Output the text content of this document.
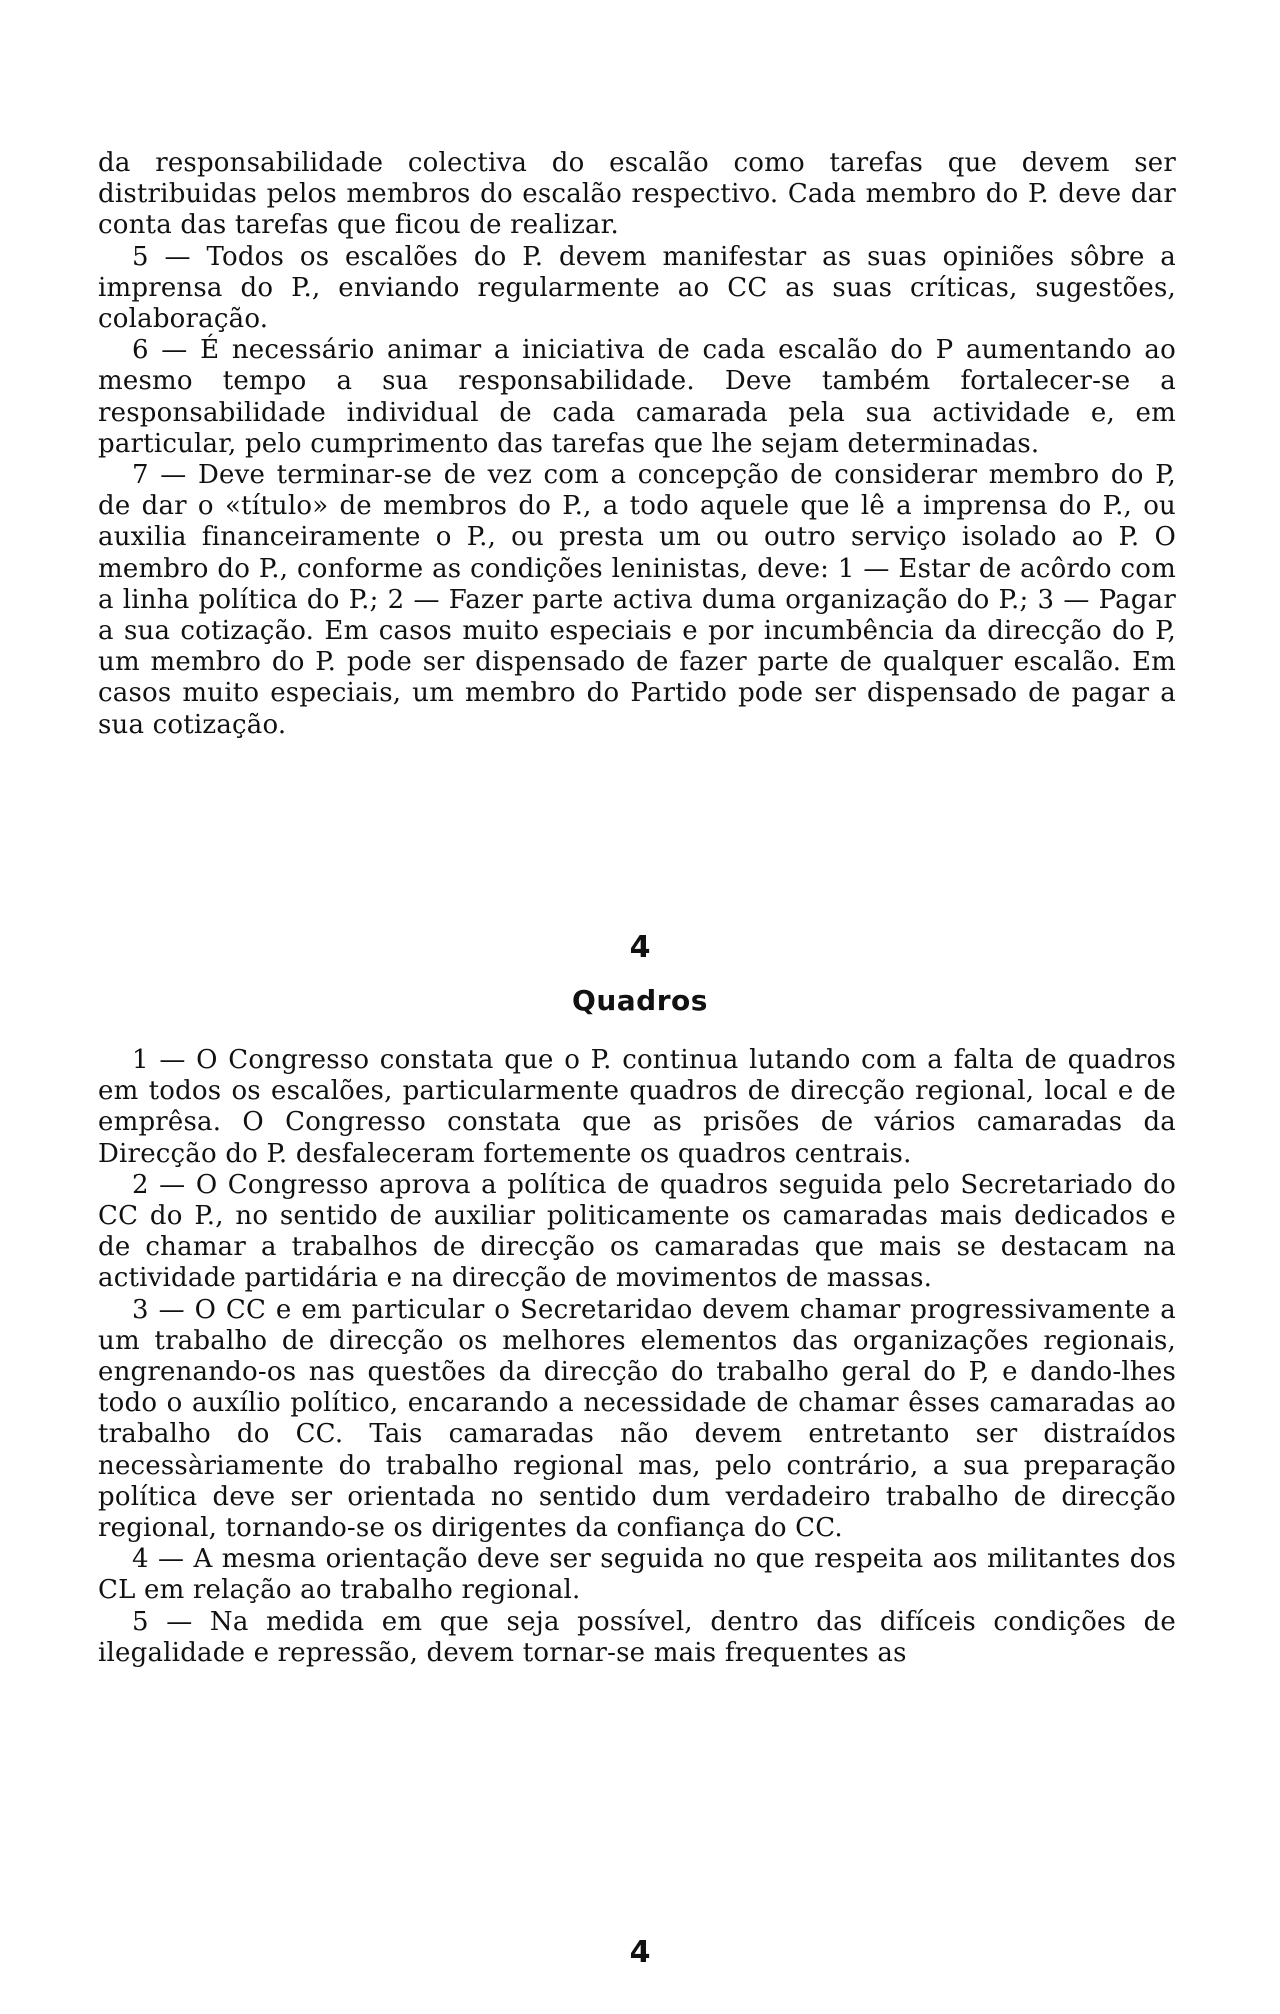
da responsabilidade colectiva do escalão como tarefas que devem ser distribuidas pelos membros do escalão respectivo. Cada membro do P. deve dar conta das tarefas que ficou de realizar.

5 — Todos os escalões do P. devem manifestar as suas opiniões sôbre a imprensa do P., enviando regularmente ao CC as suas críticas, sugestões, colaboração.

6 — É necessário animar a iniciativa de cada escalão do P aumentando ao mesmo tempo a sua responsabilidade. Deve também fortalecer-se a responsabilidade individual de cada camarada pela sua actividade e, em particular, pelo cumprimento das tarefas que lhe sejam determinadas.

7 — Deve terminar-se de vez com a concepção de considerar membro do P, de dar o «título» de membros do P., a todo aquele que lê a imprensa do P., ou auxilia financeiramente o P., ou presta um ou outro serviço isolado ao P. O membro do P., conforme as condições leninistas, deve: 1 — Estar de acôrdo com a linha política do P.; 2 — Fazer parte activa duma organização do P.; 3 — Pagar a sua cotização. Em casos muito especiais e por incumbência da direcção do P, um membro do P. pode ser dispensado de fazer parte de qualquer escalão. Em casos muito especiais, um membro do Partido pode ser dispensado de pagar a sua cotização.

4
Quadros

1 — O Congresso constata que o P. continua lutando com a falta de quadros em todos os escalões, particularmente quadros de direcção regional, local e de emprêsa. O Congresso constata que as prisões de vários camaradas da Direcção do P. desfaleceram fortemente os quadros centrais.

2 — O Congresso aprova a política de quadros seguida pelo Secretariado do CC do P., no sentido de auxiliar politicamente os camaradas mais dedicados e de chamar a trabalhos de direcção os camaradas que mais se destacam na actividade partidária e na direcção de movimentos de massas.

3 — O CC e em particular o Secretaridao devem chamar progressivamente a um trabalho de direcção os melhores elementos das organizações regionais, engrenando-os nas questões da direcção do trabalho geral do P, e dando-lhes todo o auxílio político, encarando a necessidade de chamar êsses camaradas ao trabalho do CC. Tais camaradas não devem entretanto ser distraídos necessàriamente do trabalho regional mas, pelo contrário, a sua preparação política deve ser orientada no sentido dum verdadeiro trabalho de direcção regional, tornando-se os dirigentes da confiança do CC.

4 — A mesma orientação deve ser seguida no que respeita aos militantes dos CL em relação ao trabalho regional.

5 — Na medida em que seja possível, dentro das difíceis condições de ilegalidade e repressão, devem tornar-se mais frequentes as

4
